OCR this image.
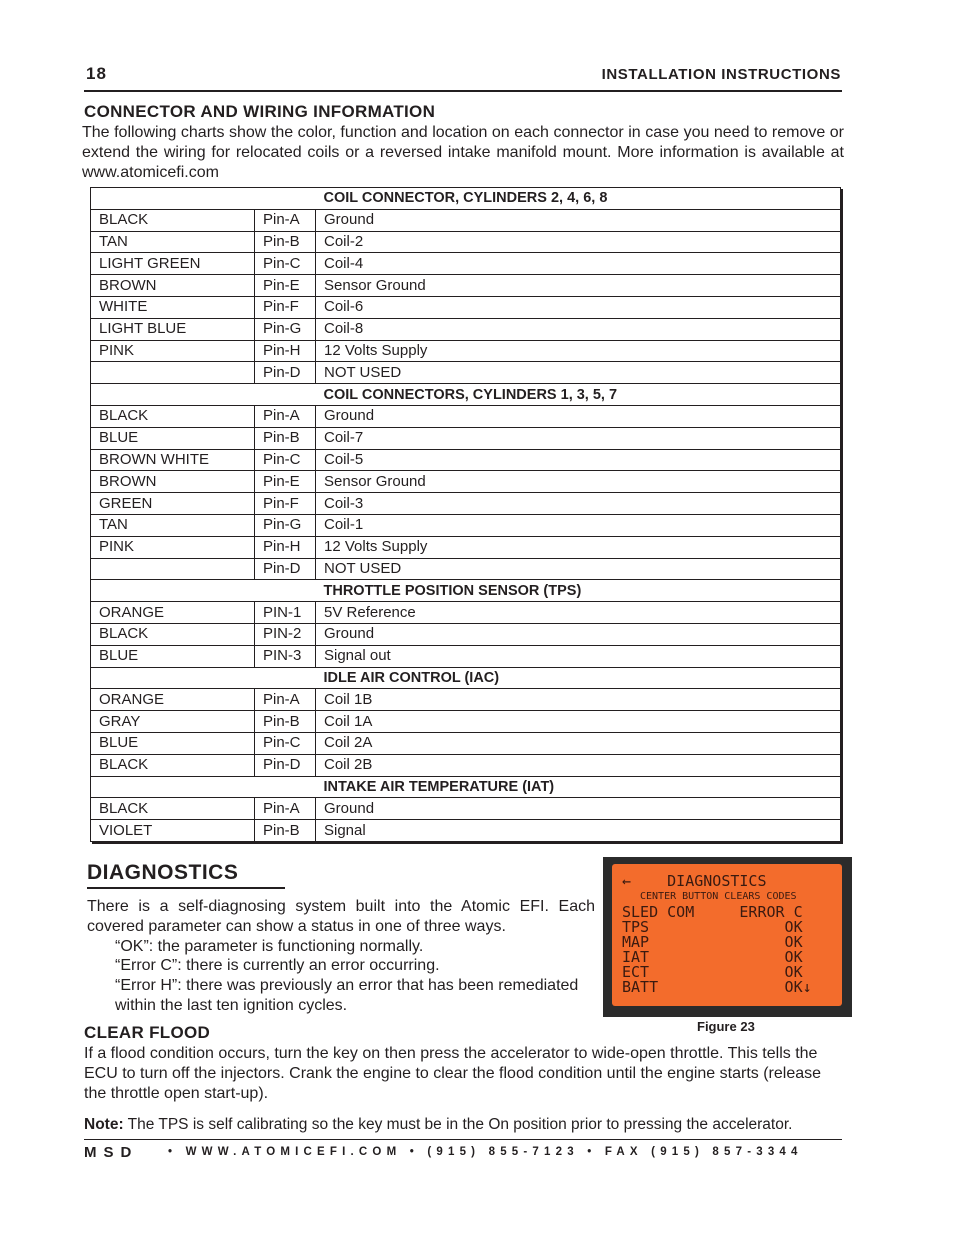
18	INSTALLATION INSTRUCTIONS
CONNECTOR AND WIRING INFORMATION
The following charts show the color, function and location on each connector in case you need to remove or extend the wiring for relocated coils or a reversed intake manifold mount. More information is available at www.atomicefi.com
		COIL CONNECTOR, CYLINDERS 2, 4, 6, 8
BLACK	Pin-A	Ground
TAN	Pin-B	Coil-2
LIGHT GREEN	Pin-C	Coil-4
BROWN	Pin-E	Sensor Ground
WHITE	Pin-F	Coil-6
LIGHT BLUE	Pin-G	Coil-8
PINK	Pin-H	12 Volts Supply
	Pin-D	NOT USED
		COIL CONNECTORS, CYLINDERS 1, 3, 5, 7
BLACK	Pin-A	Ground
BLUE	Pin-B	Coil-7
BROWN WHITE	Pin-C	Coil-5
BROWN	Pin-E	Sensor Ground
GREEN	Pin-F	Coil-3
TAN	Pin-G	Coil-1
PINK	Pin-H	12 Volts Supply
	Pin-D	NOT USED
		THROTTLE POSITION SENSOR (TPS)
ORANGE	PIN-1	5V Reference
BLACK	PIN-2	Ground
BLUE	PIN-3	Signal out
		IDLE AIR CONTROL (IAC)
ORANGE	Pin-A	Coil 1B
GRAY	Pin-B	Coil 1A
BLUE	Pin-C	Coil 2A
BLACK	Pin-D	Coil 2B
		INTAKE AIR TEMPERATURE (IAT)
BLACK	Pin-A	Ground
VIOLET	Pin-B	Signal
DIAGNOSTICS
There is a self-diagnosing system built into the Atomic EFI. Each covered parameter can show a status in one of three ways.
“OK”: the parameter is functioning normally.
“Error C”: there is currently an error occurring.
“Error H”: there was previously an error that has been remediated within the last ten ignition cycles.
←    DIAGNOSTICS
CENTER BUTTON CLEARS CODES
SLED COM     ERROR C
TPS               OK
MAP               OK
IAT               OK
ECT               OK
BATT              OK↓
Figure 23
CLEAR FLOOD
If a flood condition occurs, turn the key on then press the accelerator to wide-open throttle. This tells the ECU to turn off the injectors. Crank the engine to clear the flood condition until the engine starts (release the throttle open start-up).
Note: The TPS is self calibrating so the key must be in the On position prior to pressing the accelerator.
MSD	• WWW.ATOMICEFI.COM • (915) 855-7123 • FAX (915) 857-3344
